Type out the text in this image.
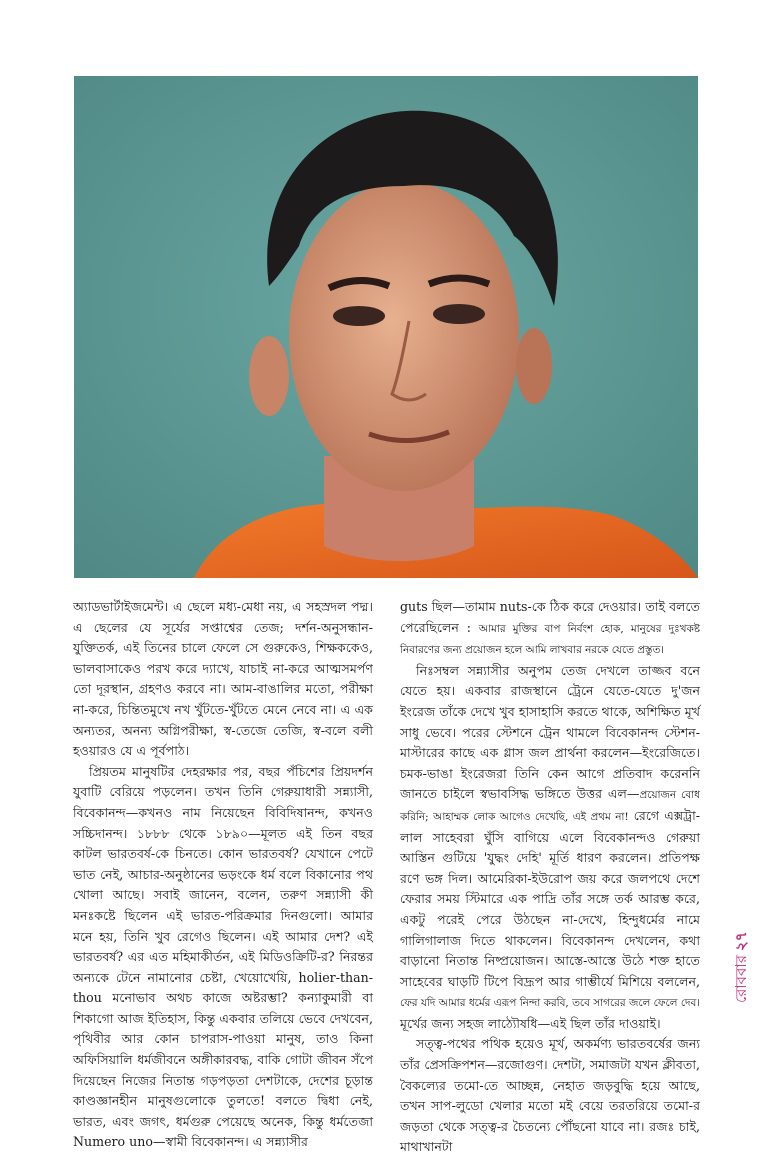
অ্যাডভার্টাইজমেন্ট। এ ছেলে মধ্য-মেধা নয়, এ সহস্রদল পদ্ম। এ ছেলের যে সূর্যের সপ্তাশ্বের তেজ; দর্শন-অনুসন্ধান-যুক্তিতর্ক, এই তিনের চালে ফেলে সে গুরুকেও, শিক্ষককেও, ভালবাসাকেও পরখ করে দ্যাখে, যাচাই না-করে আত্মসমর্পণ তো দূরস্থান, গ্রহণও করবে না। আম-বাঙালির মতো, পরীক্ষা না-করে, চিন্তিতমুখে নখ খুঁটতে-খুঁটতে মেনে নেবে না। এ এক অন্যতর, অনন্য অগ্নিপরীক্ষা, স্ব-তেজে তেজি, স্ব-বলে বলী হওয়ারও যে এ পূর্বপাঠ।

প্রিয়তম মানুষটির দেহরক্ষার পর, বছর পঁচিশের প্রিয়দর্শন যুবাটি বেরিয়ে পড়লেন। তখন তিনি গেরুয়াধারী সন্ন্যাসী, বিবেকানন্দ—কখনও নাম নিয়েছেন বিবিদিষানন্দ, কখনও সচ্চিদানন্দ। ১৮৮৮ থেকে ১৮৯০—মূলত এই তিন বছর কাটল ভারতবর্ষ-কে চিনতে। কোন ভারতবর্ষ? যেখানে পেটে ভাত নেই, আচার-অনুষ্ঠানের ভড়ংকে ধর্ম বলে বিকানোর পথ খোলা আছে। সবাই জানেন, বলেন, তরুণ সন্ন্যাসী কী মনঃকষ্টে ছিলেন এই ভারত-পরিক্রমার দিনগুলো। আমার মনে হয়, তিনি খুব রেগেও ছিলেন। এই আমার দেশ? এই ভারতবর্ষ? এর এত মহিমাকীর্তন, এই মিডিওক্রিটি-র? নিরন্তর অন্যকে টেনে নামানোর চেষ্টা, খেয়োখেয়ি, holier-than-thou মনোভাব অথচ কাজে অষ্টরম্ভা? কন্যাকুমারী বা শিকাগো আজ ইতিহাস, কিন্তু একবার তলিয়ে ভেবে দেখবেন, পৃথিবীর আর কোন চাপরাস-পাওয়া মানুষ, তাও কিনা অফিসিয়ালি ধর্মজীবনে অঙ্গীকারবদ্ধ, বাকি গোটা জীবন সঁপে দিয়েছেন নিজের নিতান্ত গড়পড়তা দেশটাকে, দেশের চূড়ান্ত কাণ্ডজ্ঞানহীন মানুষগুলোকে তুলতে! বলতে দ্বিধা নেই, ভারত, এবং জগৎ, ধর্মগুরু পেয়েছে অনেক, কিন্তু ধর্মতেজা Numero uno—স্বামী বিবেকানন্দ। এ সন্ন্যাসীর

guts ছিল—তামাম nuts-কে ঠিক করে দেওয়ার। তাই বলতে পেরেছিলেন : আমার মুক্তির বাপ নির্বংশ হোক, মানুষের দুঃখকষ্ট নিবারণের জন্য প্রয়োজন হলে আমি লাখবার নরকে যেতে প্রস্তুত।

নিঃসম্বল সন্ন্যাসীর অনুপম তেজ দেখলে তাজ্জব বনে যেতে হয়। একবার রাজস্থানে ট্রেনে যেতে-যেতে দু'জন ইংরেজ তাঁকে দেখে খুব হাসাহাসি করতে থাকে, অশিক্ষিত মূর্খ সাধু ভেবে। পরের স্টেশনে ট্রেন থামলে বিবেকানন্দ স্টেশন-মাস্টারের কাছে এক গ্লাস জল প্রার্থনা করলেন—ইংরেজিতে। চমক-ভাঙা ইংরেজরা তিনি কেন আগে প্রতিবাদ করেননি জানতে চাইলে স্বভাবসিদ্ধ ভঙ্গিতে উত্তর এল—প্রয়োজন বোধ করিনি; আহাম্মক লোক আগেও দেখেছি, এই প্রথম না! রেগে এক্সট্রা-লাল সাহেবরা ঘুঁসি বাগিয়ে এলে বিবেকানন্দও গেরুয়া আস্তিন গুটিয়ে 'যুদ্ধং দেহি' মূর্তি ধারণ করলেন। প্রতিপক্ষ রণে ভঙ্গ দিল। আমেরিকা-ইউরোপ জয় করে জলপথে দেশে ফেরার সময় স্টিমারে এক পাদ্রি তাঁর সঙ্গে তর্ক আরম্ভ করে, একটু পরেই পেরে উঠছেন না-দেখে, হিন্দুধর্মের নামে গালিগালাজ দিতে থাকলেন। বিবেকানন্দ দেখলেন, কথা বাড়ানো নিতান্ত নিষ্প্রয়োজন। আস্তে-আস্তে উঠে শক্ত হাতে সাহেবের ঘাড়টি টিপে বিদ্রূপ আর গাম্ভীর্যে মিশিয়ে বললেন, ফের যদি আমার ধর্মের এরূপ নিন্দা করবি, তবে সাগরের জলে ফেলে দেব। মূর্খের জন্য সহজ লাঠ্যৌষধি—এই ছিল তাঁর দাওয়াই।

সত্ত্ব-পথের পথিক হয়েও মূর্খ, অকর্মণ্য ভারতবর্ষের জন্য তাঁর প্রেসক্রিপশন—রজোগুণ। দেশটা, সমাজটা যখন ক্লীবতা, বৈকল্যের তমো-তে আচ্ছন্ন, নেহাত জড়বুদ্ধি হয়ে আছে, তখন সাপ-লুডো খেলার মতো মই বেয়ে তরতরিয়ে তমো-র জড়তা থেকে সত্ত্ব-র চৈতন্যে পৌঁছনো যাবে না। রজঃ চাই, মাথাখানটা

রোববার২৭
